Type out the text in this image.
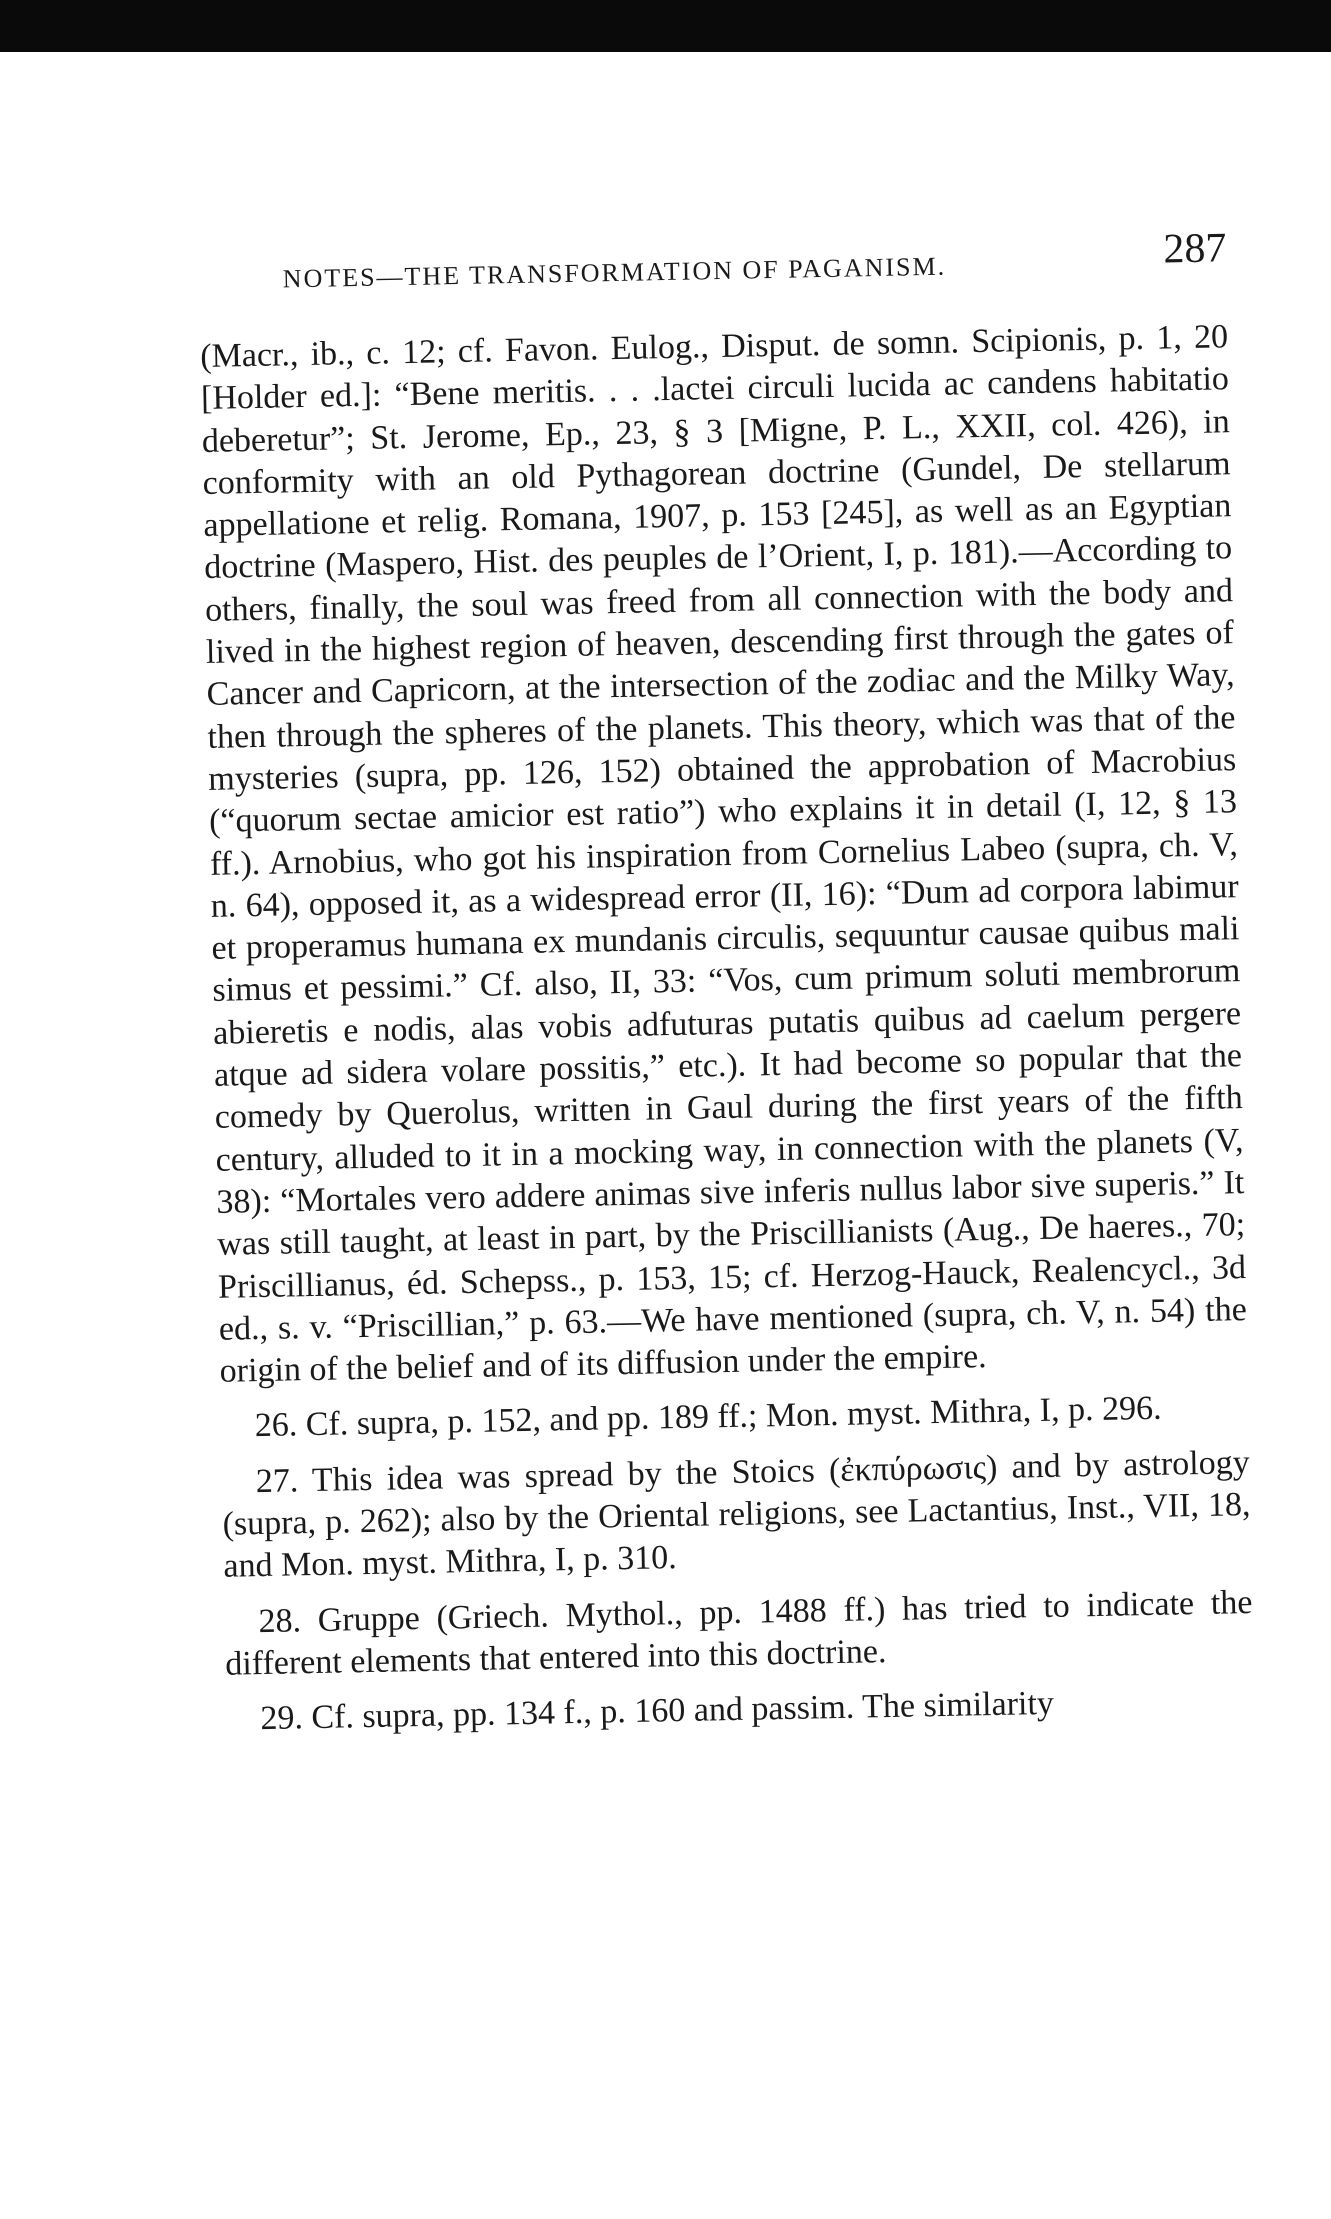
NOTES—THE TRANSFORMATION OF PAGANISM.
287

(Macr., ib., c. 12; cf. Favon. Eulog., Disput. de somn. Scipionis, p. 1, 20 [Holder ed.]: “Bene meritis. . . .lactei circuli lucida ac candens habitatio deberetur”; St. Jerome, Ep., 23, § 3 [Migne, P. L., XXII, col. 426), in conformity with an old Pythagorean doctrine (Gundel, De stellarum appellatione et relig. Romana, 1907, p. 153 [245], as well as an Egyptian doctrine (Maspero, Hist. des peuples de l’Orient, I, p. 181).—According to others, finally, the soul was freed from all connection with the body and lived in the highest region of heaven, descending first through the gates of Cancer and Capricorn, at the intersection of the zodiac and the Milky Way, then through the spheres of the planets. This theory, which was that of the mysteries (supra, pp. 126, 152) obtained the approbation of Macrobius (“quorum sectae amicior est ratio”) who explains it in detail (I, 12, § 13 ff.). Arnobius, who got his inspiration from Cornelius Labeo (supra, ch. V, n. 64), opposed it, as a widespread error (II, 16): “Dum ad corpora labimur et properamus humana ex mundanis circulis, sequuntur causae quibus mali simus et pessimi.” Cf. also, II, 33: “Vos, cum primum soluti membrorum abieretis e nodis, alas vobis adfuturas putatis quibus ad caelum pergere atque ad sidera volare possitis,” etc.). It had become so popular that the comedy by Querolus, written in Gaul during the first years of the fifth century, alluded to it in a mocking way, in connection with the planets (V, 38): “Mortales vero addere animas sive inferis nullus labor sive superis.” It was still taught, at least in part, by the Priscillianists (Aug., De haeres., 70; Priscillianus, éd. Schepss., p. 153, 15; cf. Herzog-Hauck, Realencycl., 3d ed., s. v. “Priscillian,” p. 63.—We have mentioned (supra, ch. V, n. 54) the origin of the belief and of its diffusion under the empire.

26. Cf. supra, p. 152, and pp. 189 ff.; Mon. myst. Mithra, I, p. 296.

27. This idea was spread by the Stoics (ἐκπύρωσις) and by astrology (supra, p. 262); also by the Oriental religions, see Lactantius, Inst., VII, 18, and Mon. myst. Mithra, I, p. 310.

28. Gruppe (Griech. Mythol., pp. 1488 ff.) has tried to indicate the different elements that entered into this doctrine.

29. Cf. supra, pp. 134 f., p. 160 and passim. The similarity
